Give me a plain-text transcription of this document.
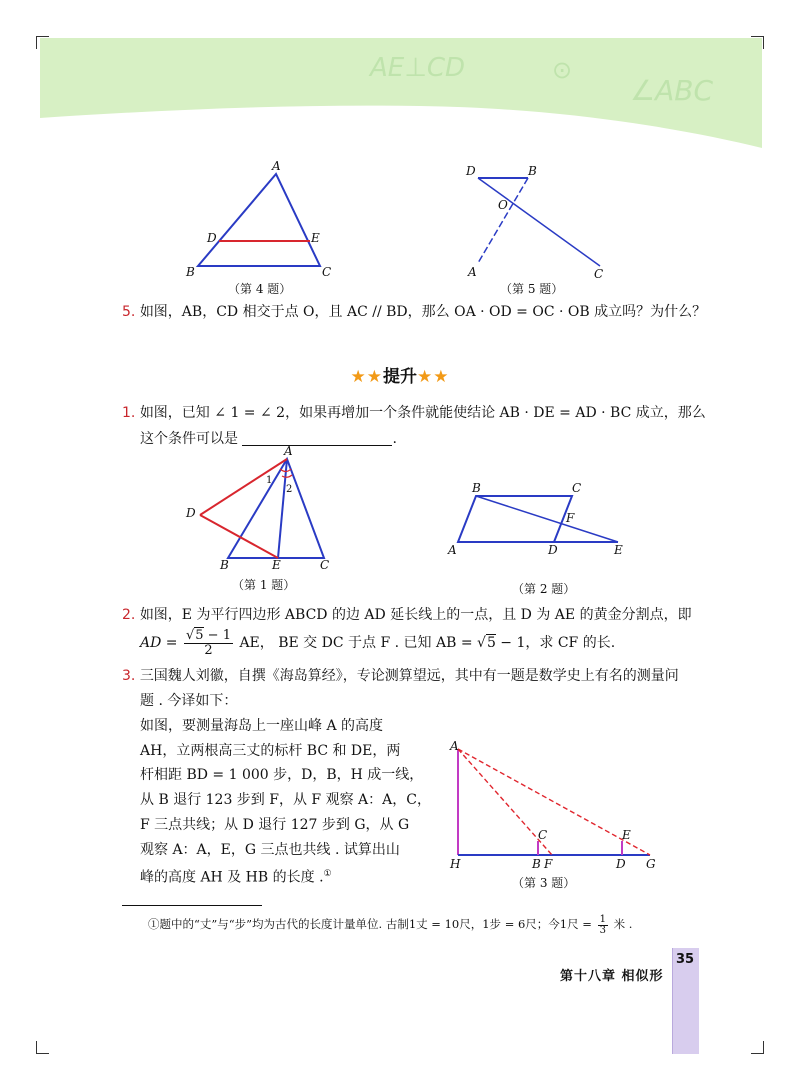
AE⊥CD	⊙
∠ABC
A
B	C
D	E
（第 4 题）
D	B
O
A	C
（第 5 题）
5. 如图，AB，CD 相交于点 O，且 AC // BD，那么 OA · OD = OC · OB 成立吗？为什么？
★★提升★★
1. 如图，已知 ∠ 1 = ∠ 2，如果再增加一个条件就能使结论 AB · DE = AD · BC 成立，那么
这个条件可以是	.
A
B	C
D
E
1
2
（第 1 题）
B	C
F
A	D	E
（第 2 题）
2. 如图，E 为平行四边形 ABCD 的边 AD 延长线上的一点，且 D 为 AE 的黄金分割点，即
AD = $\frac{√5 - 1}{2}$ AE， BE 交 DC 于点 F . 已知 AB = √5 − 1，求 CF 的长.
3. 三国魏人刘徽，自撰《海岛算经》，专论测算望远，其中有一题是数学史上有名的测量问
题 . 今译如下：
如图，要测量海岛上一座山峰 A 的高度
AH，立两根高三丈的标杆 BC 和 DE，两
杆相距 BD = 1 000 步，D，B，H 成一线，
从 B 退行 123 步到 F，从 F 观察 A：A，C，
F 三点共线；从 D 退行 127 步到 G，从 G
观察 A：A，E，G 三点也共线 . 试算出山
峰的高度 AH 及 HB 的长度 .①
A
H	B F
C
D
E
G
（第 3 题）
①题中的“丈”与“步”均为古代的长度计量单位. 古制1丈 = 10尺，1步 = 6尺；今1尺 = $\frac{1}{3}$ 米 .
第十八章 相似形
35
